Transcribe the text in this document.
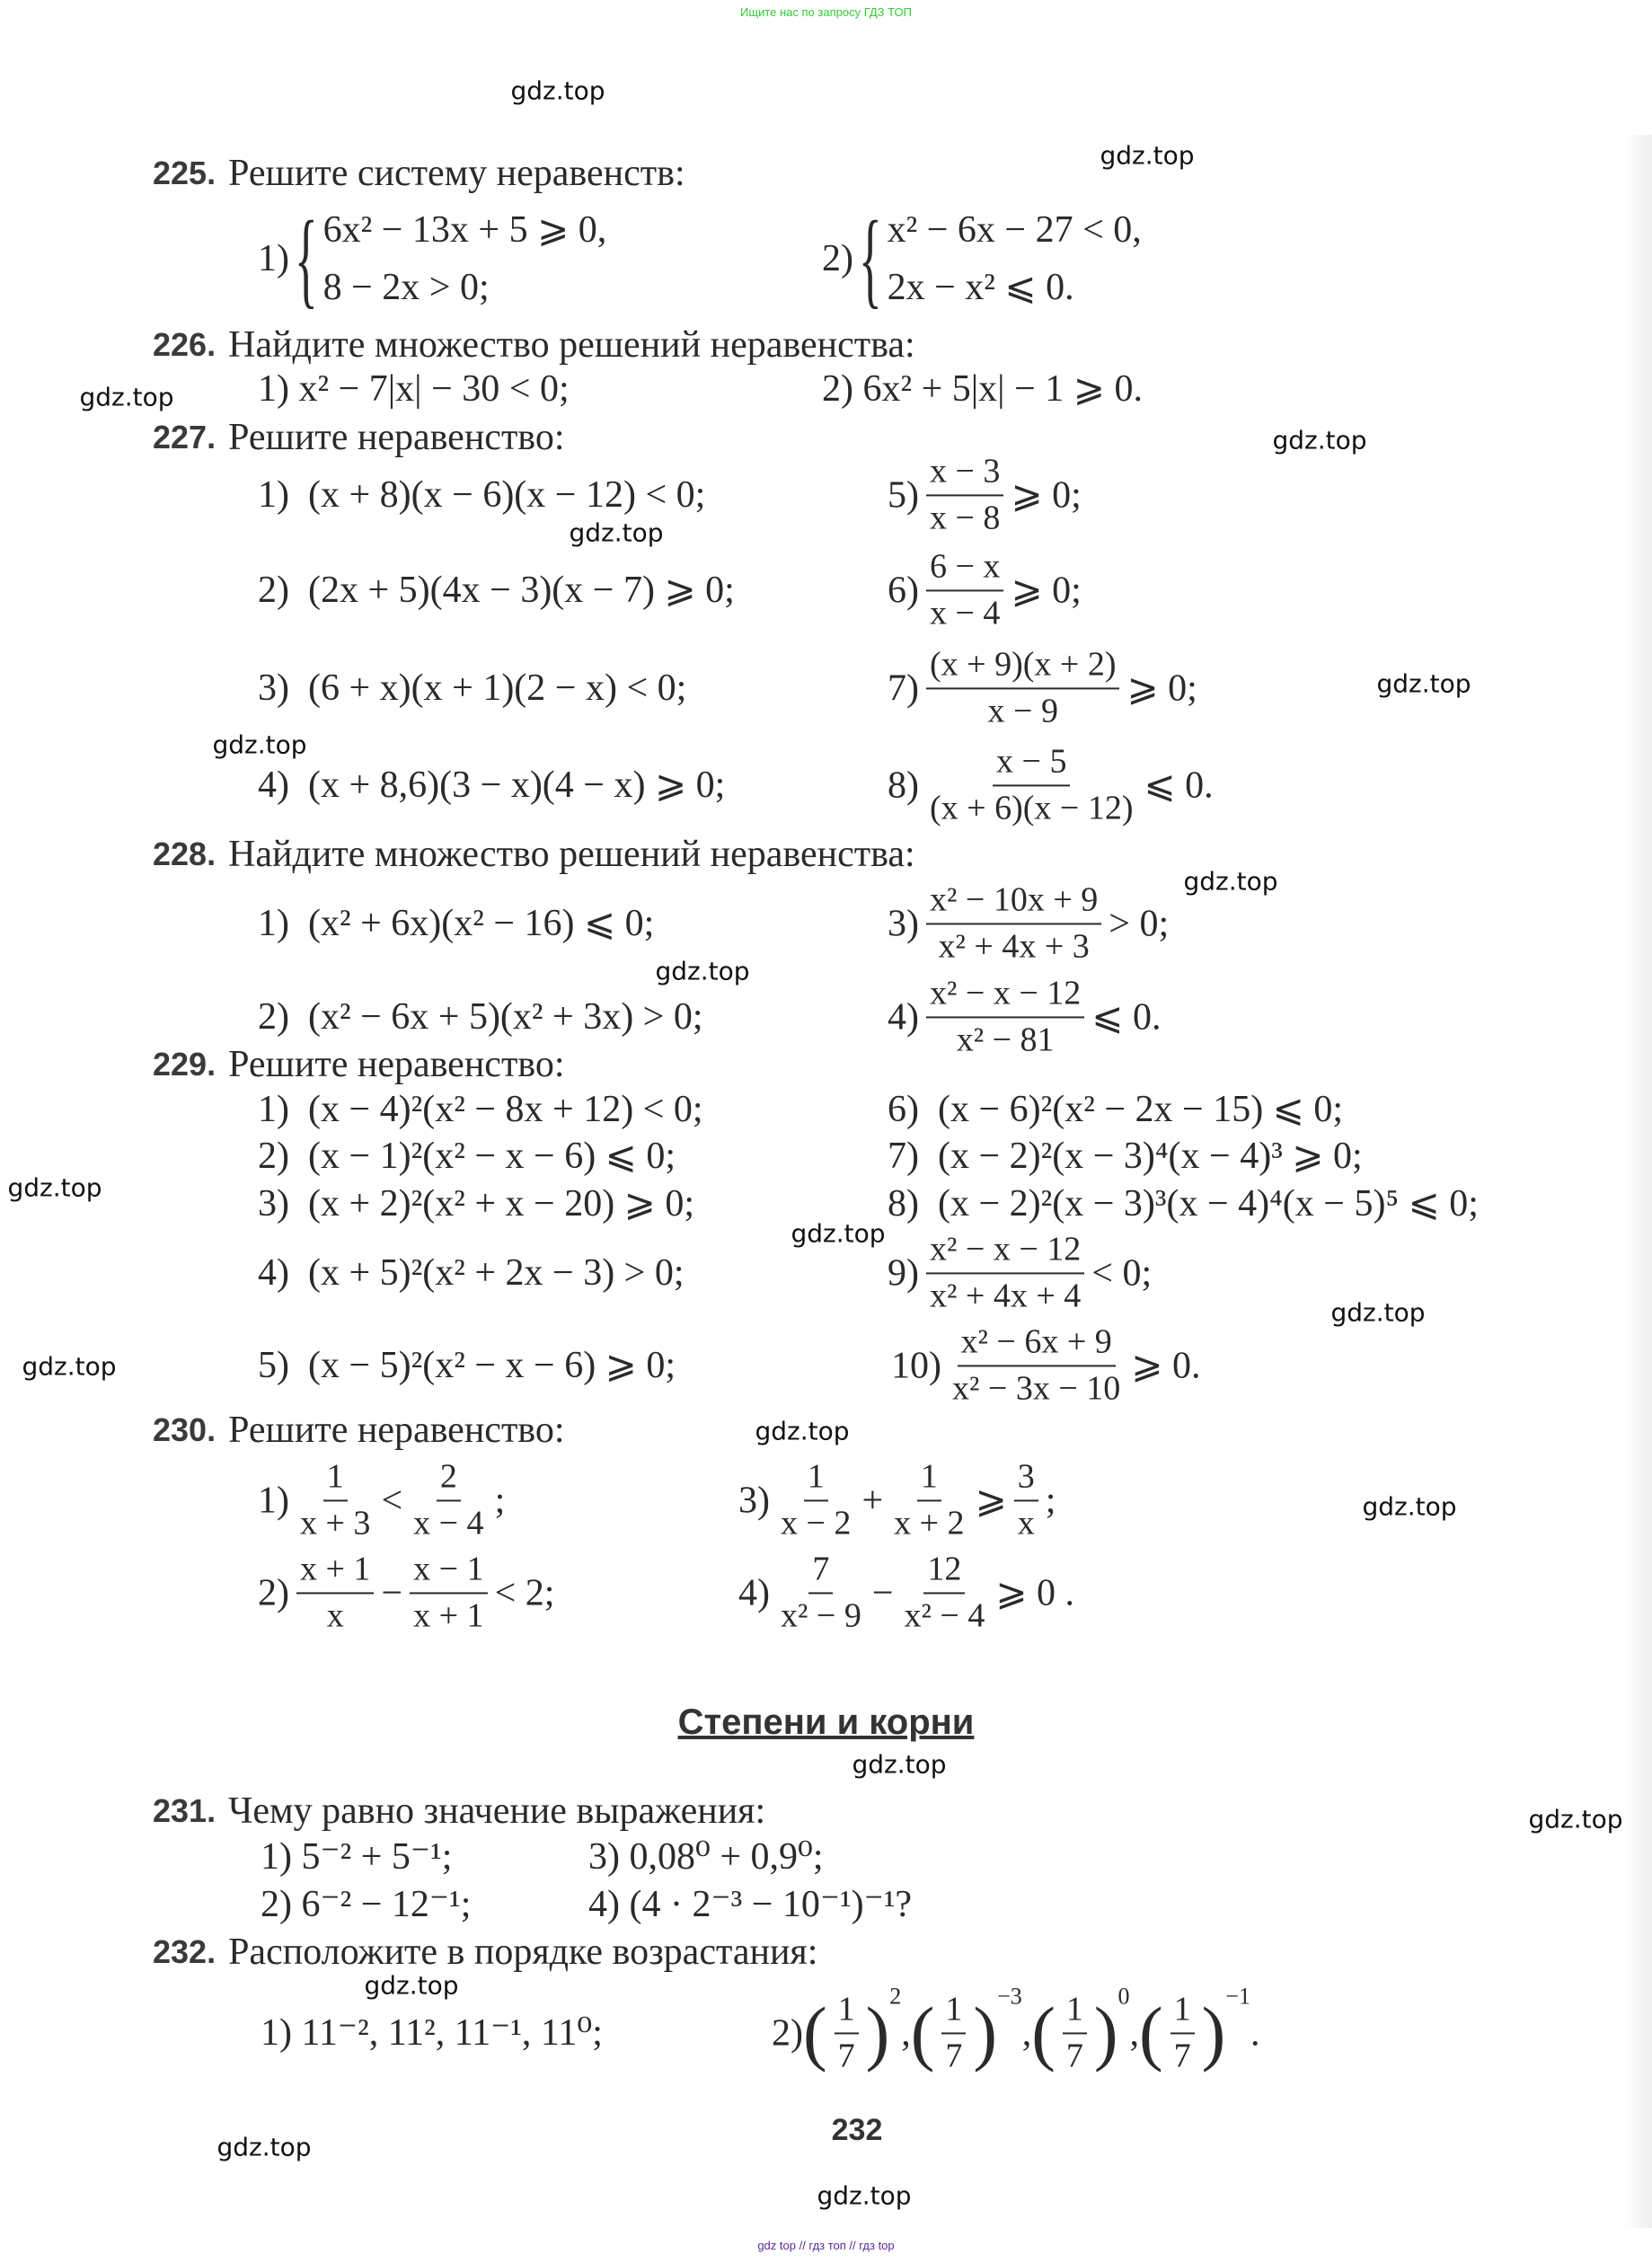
Ищите нас по запросу ГДЗ ТОП
gdz.top
gdz.top
gdz.top
gdz.top
gdz.top
gdz.top
gdz.top
gdz.top
gdz.top
gdz.top
gdz.top
gdz.top
gdz.top
gdz.top
gdz.top
gdz.top
gdz.top
gdz.top
gdz.top
gdz.top
225. Решите систему неравенств:
1) { 6x² − 13x + 5 ⩾ 0,
8 − 2x > 0;
2) { x² − 6x − 27 < 0,
2x − x² ⩽ 0.
226. Найдите множество решений неравенства:
1) x² − 7|x| − 30 < 0;	2) 6x² + 5|x| − 1 ⩾ 0.
227. Решите неравенство:
1)  (x + 8)(x − 6)(x − 12) < 0;
2)  (2x + 5)(4x − 3)(x − 7) ⩾ 0;
3)  (6 + x)(x + 1)(2 − x) < 0;
4)  (x + 8,6)(3 − x)(4 − x) ⩾ 0;
5)
x − 3
x − 8
⩾ 0;
6)
6 − x
x − 4
⩾ 0;
7)
(x + 9)(x + 2)
x − 9
⩾ 0;
8)
x − 5
(x + 6)(x − 12)
⩽ 0.
228. Найдите множество решений неравенства:
1)  (x² + 6x)(x² − 16) ⩽ 0;
2)  (x² − 6x + 5)(x² + 3x) > 0;
3)
x² − 10x + 9
x² + 4x + 3
> 0;
4)
x² − x − 12
x² − 81
⩽ 0.
229. Решите неравенство:
1)  (x − 4)²(x² − 8x + 12) < 0;
2)  (x − 1)²(x² − x − 6) ⩽ 0;
3)  (x + 2)²(x² + x − 20) ⩾ 0;
4)  (x + 5)²(x² + 2x − 3) > 0;
5)  (x − 5)²(x² − x − 6) ⩾ 0;
6)  (x − 6)²(x² − 2x − 15) ⩽ 0;
7)  (x − 2)²(x − 3)⁴(x − 4)³ ⩾ 0;
8)  (x − 2)²(x − 3)³(x − 4)⁴(x − 5)⁵ ⩽ 0;
9)
x² − x − 12
x² + 4x + 4
< 0;
10)
x² − 6x + 9
x² − 3x − 10
⩾ 0.
230. Решите неравенство:
1)
1
x + 3
<
2
x − 4
;
2)
x + 1
x
− $\frac{x - 1}{x + 1} < 2$;
3)
1
x − 2
+ $\frac{1}{x + 2}$ ⩾
3
x
;
4)
7
x² − 9
− $\frac{12}{\text{x² − 4}}$ ⩾ 0 .
Степени и корни
231. Чему равно значение выражения:
1) 5⁻² + 5⁻¹;
2) 6⁻² − 12⁻¹;
3) 0,08⁰ + 0,9⁰;
4) (4 · 2⁻³ − 10⁻¹)⁻¹?
232. Расположите в порядке возрастания:
1) 11⁻², 11², 11⁻¹, 11⁰;	2) ( 1
7 ) 2
, ( 1
7 ) −3
, ( 1
7 ) 0
, ( 1
7 ) −1
.
232
gdz top // гдз топ // гдз top
